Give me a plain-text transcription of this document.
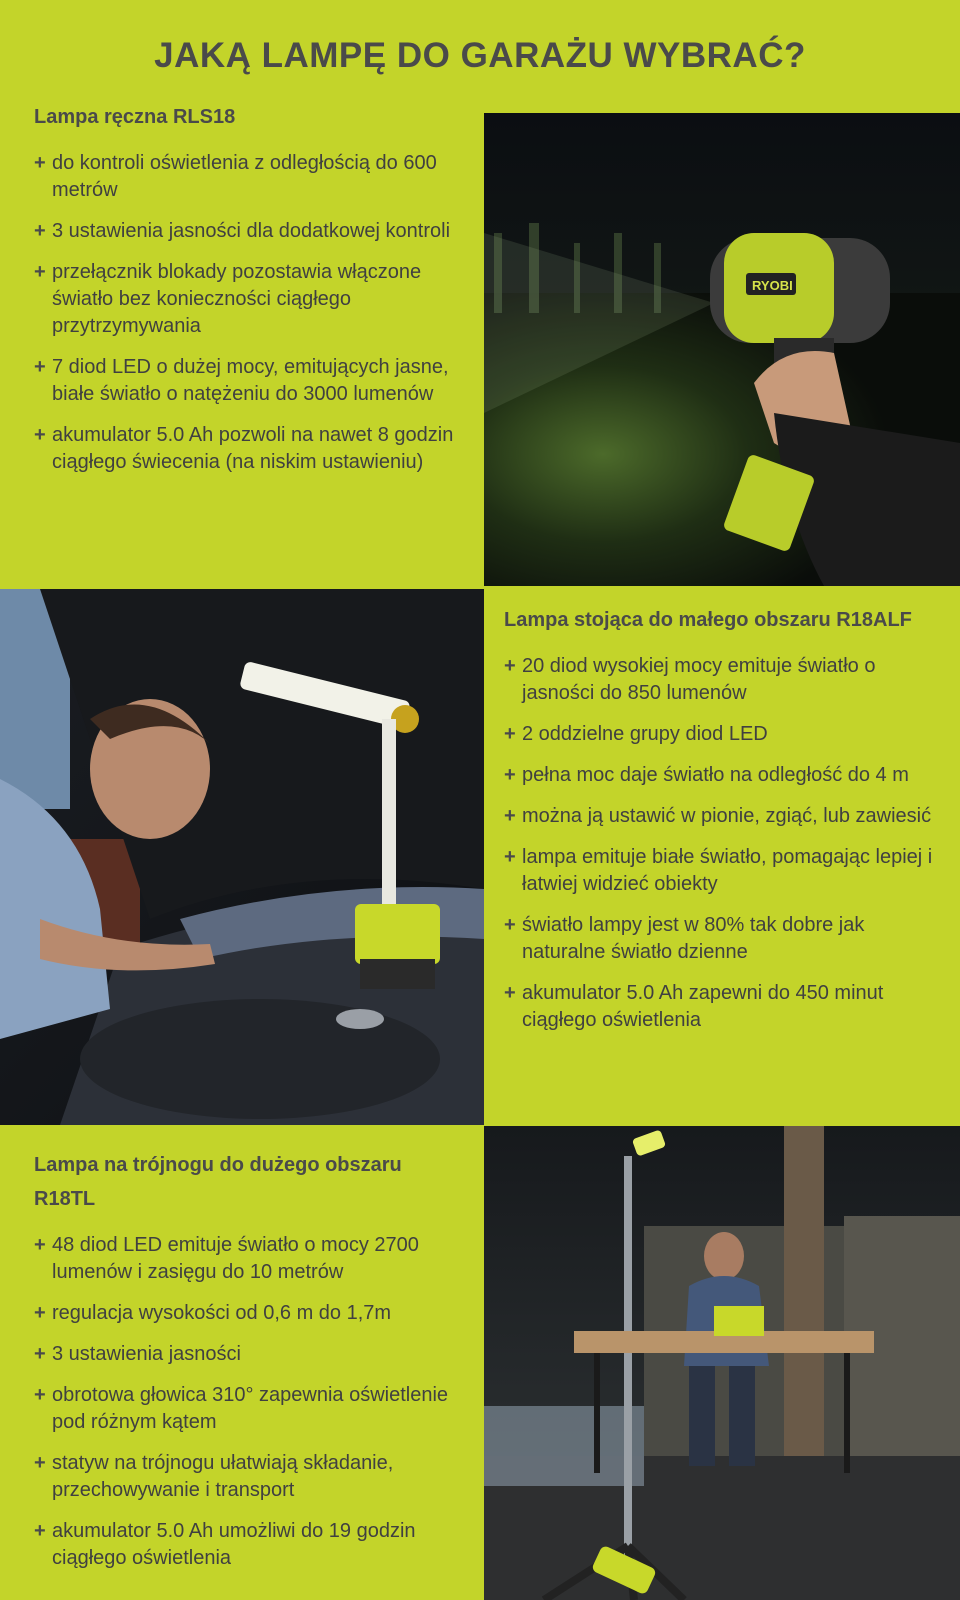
JAKĄ LAMPĘ DO GARAŻU WYBRAĆ?
Lampa ręczna RLS18
+ do kontroli oświetlenia z odległością do 600 metrów
+ 3 ustawienia jasności dla dodatkowej kontroli
+ przełącznik blokady pozostawia włączone światło bez konieczności ciągłego przytrzymywania
+ 7 diod LED o dużej mocy, emitujących jasne, białe światło o natężeniu do 3000 lumenów
+ akumulator 5.0 Ah pozwoli na nawet 8 godzin ciągłego świecenia (na niskim ustawieniu)
RYOBI
Lampa stojąca do małego obszaru R18ALF
+ 20 diod wysokiej mocy emituje światło o jasności do 850 lumenów
+ 2 oddzielne grupy diod LED
+ pełna moc daje światło na odległość do 4 m
+ można ją ustawić w pionie, zgiąć, lub zawiesić
+ lampa emituje białe światło, pomagając lepiej i łatwiej widzieć obiekty
+ światło lampy jest w 80% tak dobre jak naturalne światło dzienne
+ akumulator 5.0 Ah zapewni do 450 minut ciągłego oświetlenia
Lampa na trójnogu do dużego obszaru R18TL
+ 48 diod LED emituje światło o mocy 2700 lumenów i zasięgu do 10 metrów
+ regulacja wysokości od 0,6 m do 1,7m
+ 3 ustawienia jasności
+ obrotowa głowica 310° zapewnia oświetlenie pod różnym kątem
+ statyw na trójnogu ułatwiają składanie, przechowywanie i transport
+ akumulator 5.0 Ah umożliwi do 19 godzin ciągłego oświetlenia
